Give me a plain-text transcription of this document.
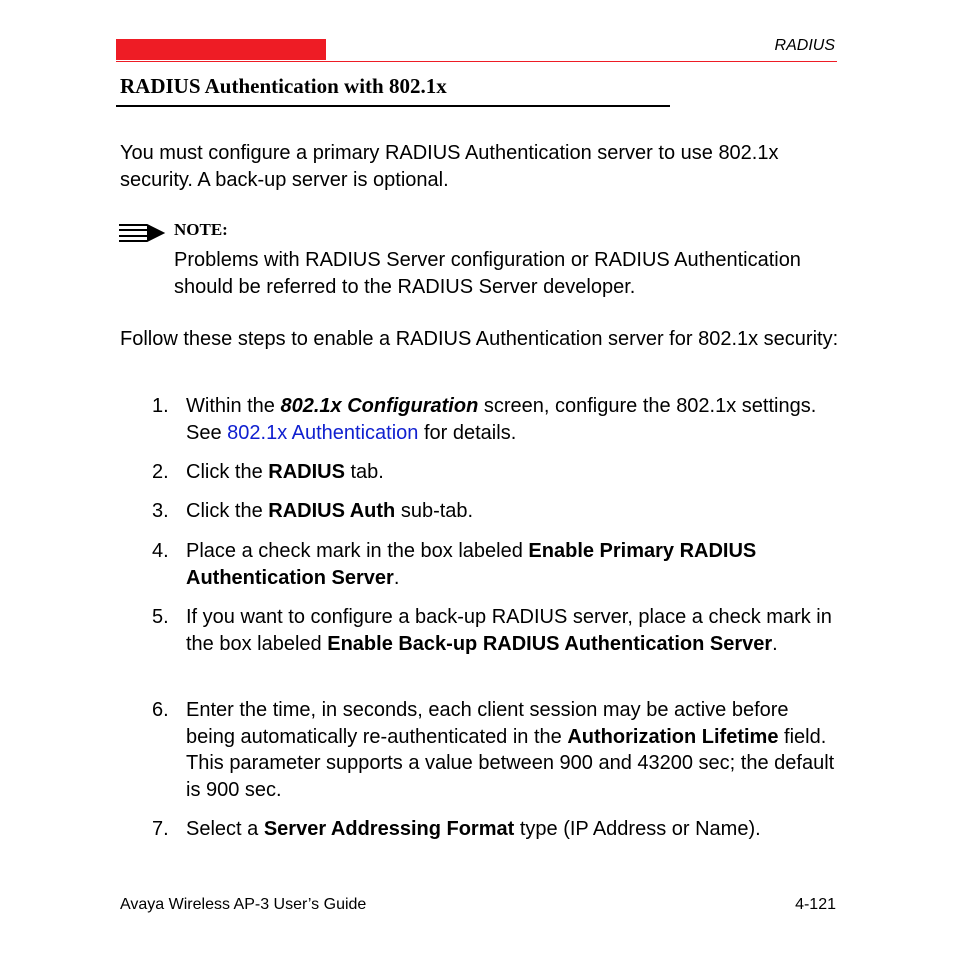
RADIUS
RADIUS Authentication with 802.1x
You must configure a primary RADIUS Authentication server to use 802.1x security. A back-up server is optional.
NOTE:
Problems with RADIUS Server configuration or RADIUS Authentication should be referred to the RADIUS Server developer.
Follow these steps to enable a RADIUS Authentication server for 802.1x security:
1. Within the 802.1x Configuration screen, configure the 802.1x settings. See 802.1x Authentication for details.
2. Click the RADIUS tab.
3. Click the RADIUS Auth sub-tab.
4. Place a check mark in the box labeled Enable Primary RADIUS Authentication Server.
5. If you want to configure a back-up RADIUS server, place a check mark in the box labeled Enable Back-up RADIUS Authentication Server.
6. Enter the time, in seconds, each client session may be active before being automatically re-authenticated in the Authorization Lifetime field. This parameter supports a value between 900 and 43200 sec; the default is 900 sec.
7. Select a Server Addressing Format type (IP Address or Name).
Avaya Wireless AP-3 User’s Guide	4-121
